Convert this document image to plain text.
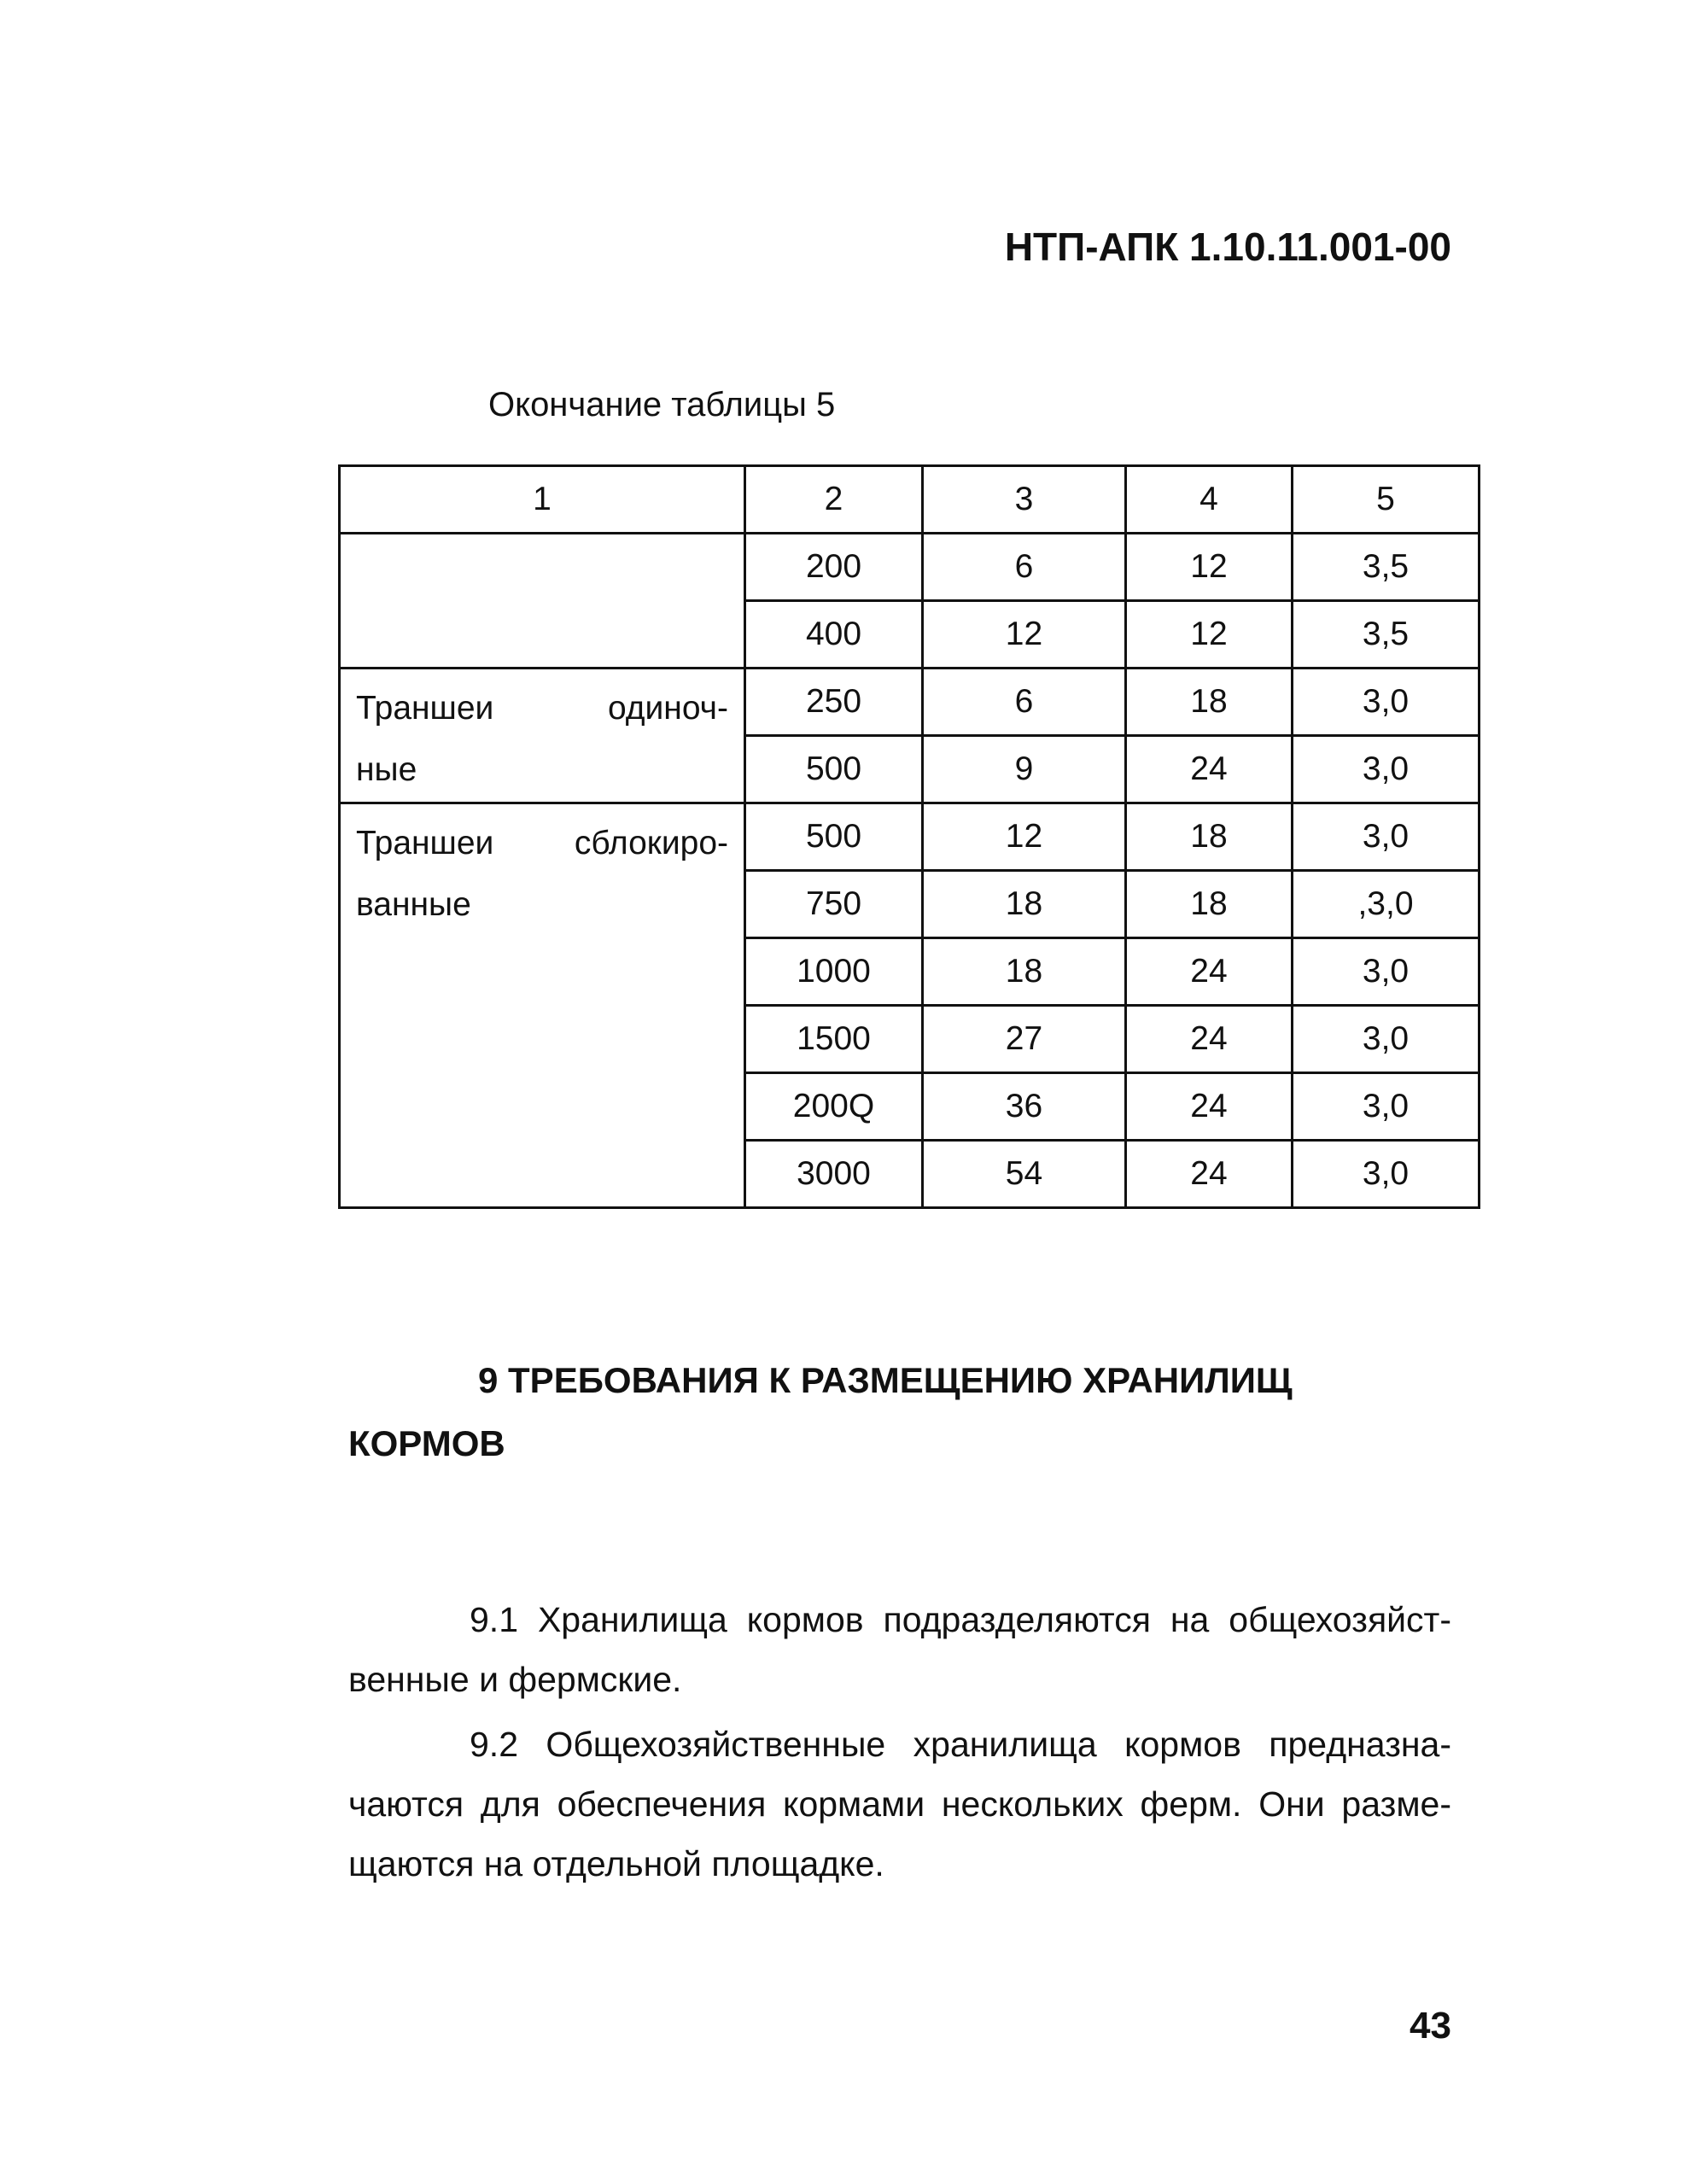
НТП-АПК 1.10.11.001-00
Окончание таблицы 5
1	2	3	4	5

	200	6	12	3,5
	400	12	12	3,5

Траншеи одиноч-
ные	250	6	18	3,0
	500	9	24	3,0

Траншеи сблокиро-
ванные	500	12	18	3,0
	750	18	18	,3,0
	1000	18	24	3,0
	1500	27	24	3,0
	200Q	36	24	3,0
	3000	54	24	3,0
9 ТРЕБОВАНИЯ К РАЗМЕЩЕНИЮ ХРАНИЛИЩ
КОРМОВ
9.1 Хранилища кормов подразделяются на общехозяйственные и фермские.
9.2 Общехозяйственные хранилища кормов предназначаются для обеспечения кормами нескольких ферм. Они размещаются на отдельной площадке.
43
